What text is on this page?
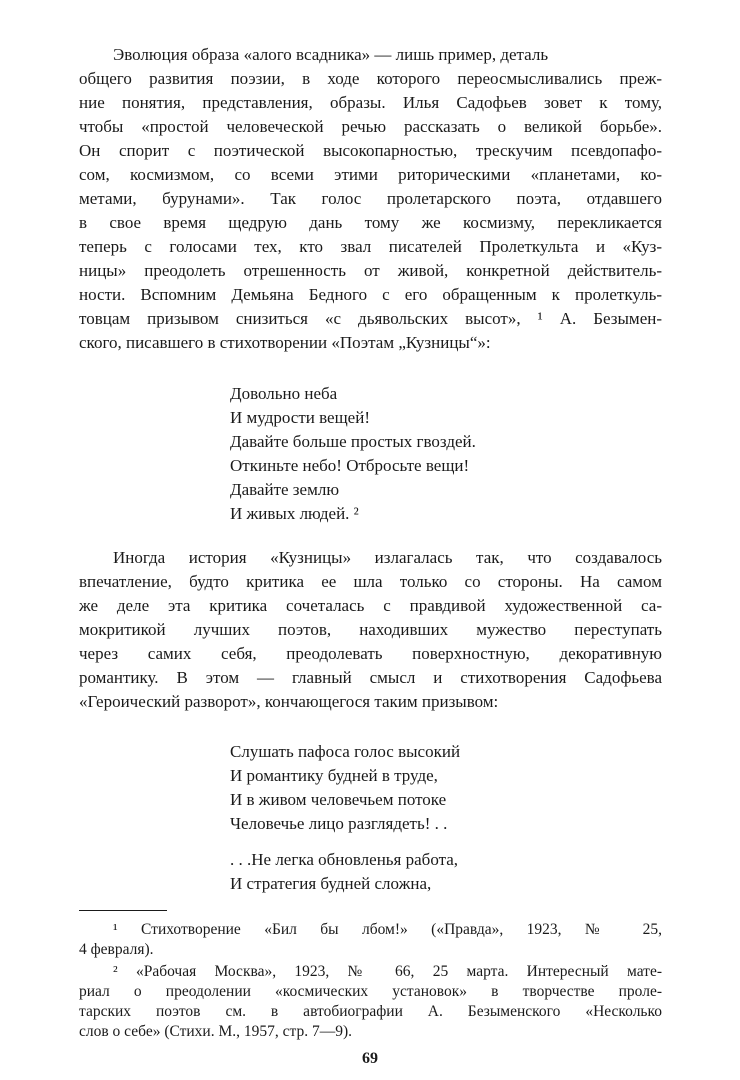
Эволюция образа «алого всадника» — лишь пример, деталь
общего развития поэзии, в ходе которого переосмысливались преж-
ние понятия, представления, образы. Илья Садофьев зовет к тому,
чтобы «простой человеческой речью рассказать о великой борьбе».
Он спорит с поэтической высокопарностью, трескучим псевдопафо-
сом, космизмом, со всеми этими риторическими «планетами, ко-
метами, бурунами». Так голос пролетарского поэта, отдавшего
в свое время щедрую дань тому же космизму, перекликается
теперь с голосами тех, кто звал писателей Пролеткульта и «Куз-
ницы» преодолеть отрешенность от живой, конкретной действитель-
ности. Вспомним Демьяна Бедного с его обращенным к пролеткуль-
товцам призывом снизиться «с дьявольских высот», ¹ А. Безымен-
ского, писавшего в стихотворении «Поэтам „Кузницы“»:
Довольно неба
И мудрости вещей!
Давайте больше простых гвоздей.
Откиньте небо! Отбросьте вещи!
Давайте землю
И живых людей. ²
Иногда история «Кузницы» излагалась так, что создавалось
впечатление, будто критика ее шла только со стороны. На самом
же деле эта критика сочеталась с правдивой художественной са-
мокритикой лучших поэтов, находивших мужество переступать
через самих себя, преодолевать поверхностную, декоративную
романтику. В этом — главный смысл и стихотворения Садофьева
«Героический разворот», кончающегося таким призывом:
Слушать пафоса голос высокий
И романтику будней в труде,
И в живом человечьем потоке
Человечье лицо разглядеть! . .
. . .Не легка обновленья работа,
И стратегия будней сложна,
¹ Стихотворение «Бил бы лбом!» («Правда», 1923, № 25,
4 февраля).
² «Рабочая Москва», 1923, № 66, 25 марта. Интересный мате-
риал о преодолении «космических установок» в творчестве проле-
тарских поэтов см. в автобиографии А. Безыменского «Несколько
слов о себе» (Стихи. М., 1957, стр. 7—9).
69
